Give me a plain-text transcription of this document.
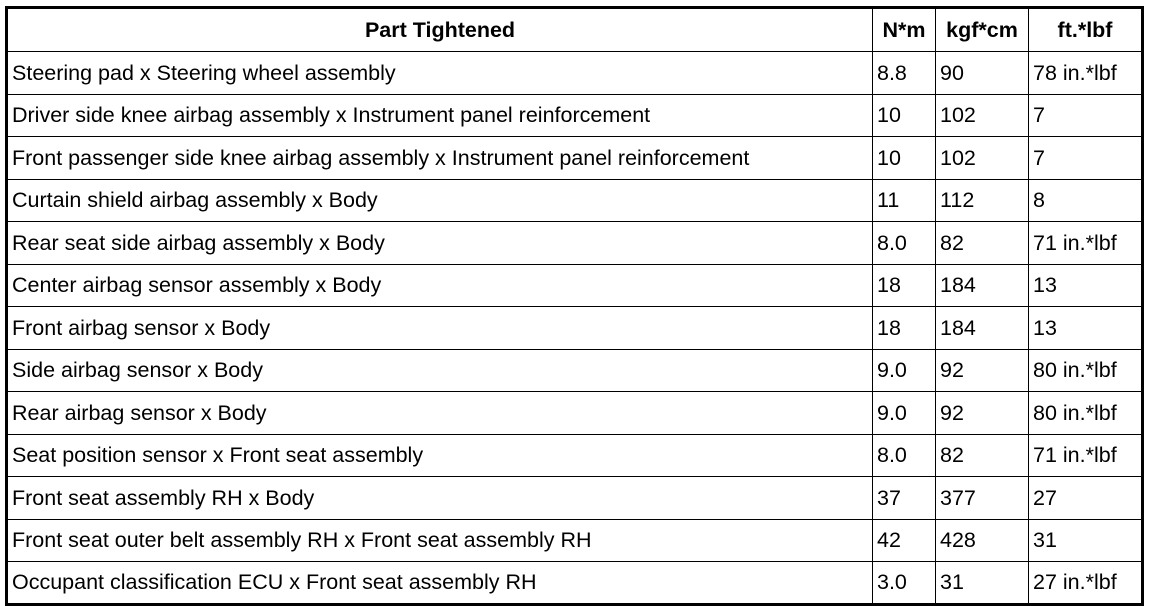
Part Tightened	N*m	kgf*cm	ft.*lbf
Steering pad x Steering wheel assembly	8.8	90	78 in.*lbf
Driver side knee airbag assembly x Instrument panel reinforcement	10	102	7
Front passenger side knee airbag assembly x Instrument panel reinforcement	10	102	7
Curtain shield airbag assembly x Body	11	112	8
Rear seat side airbag assembly x Body	8.0	82	71 in.*lbf
Center airbag sensor assembly x Body	18	184	13
Front airbag sensor x Body	18	184	13
Side airbag sensor x Body	9.0	92	80 in.*lbf
Rear airbag sensor x Body	9.0	92	80 in.*lbf
Seat position sensor x Front seat assembly	8.0	82	71 in.*lbf
Front seat assembly RH x Body	37	377	27
Front seat outer belt assembly RH x Front seat assembly RH	42	428	31
Occupant classification ECU x Front seat assembly RH	3.0	31	27 in.*lbf
